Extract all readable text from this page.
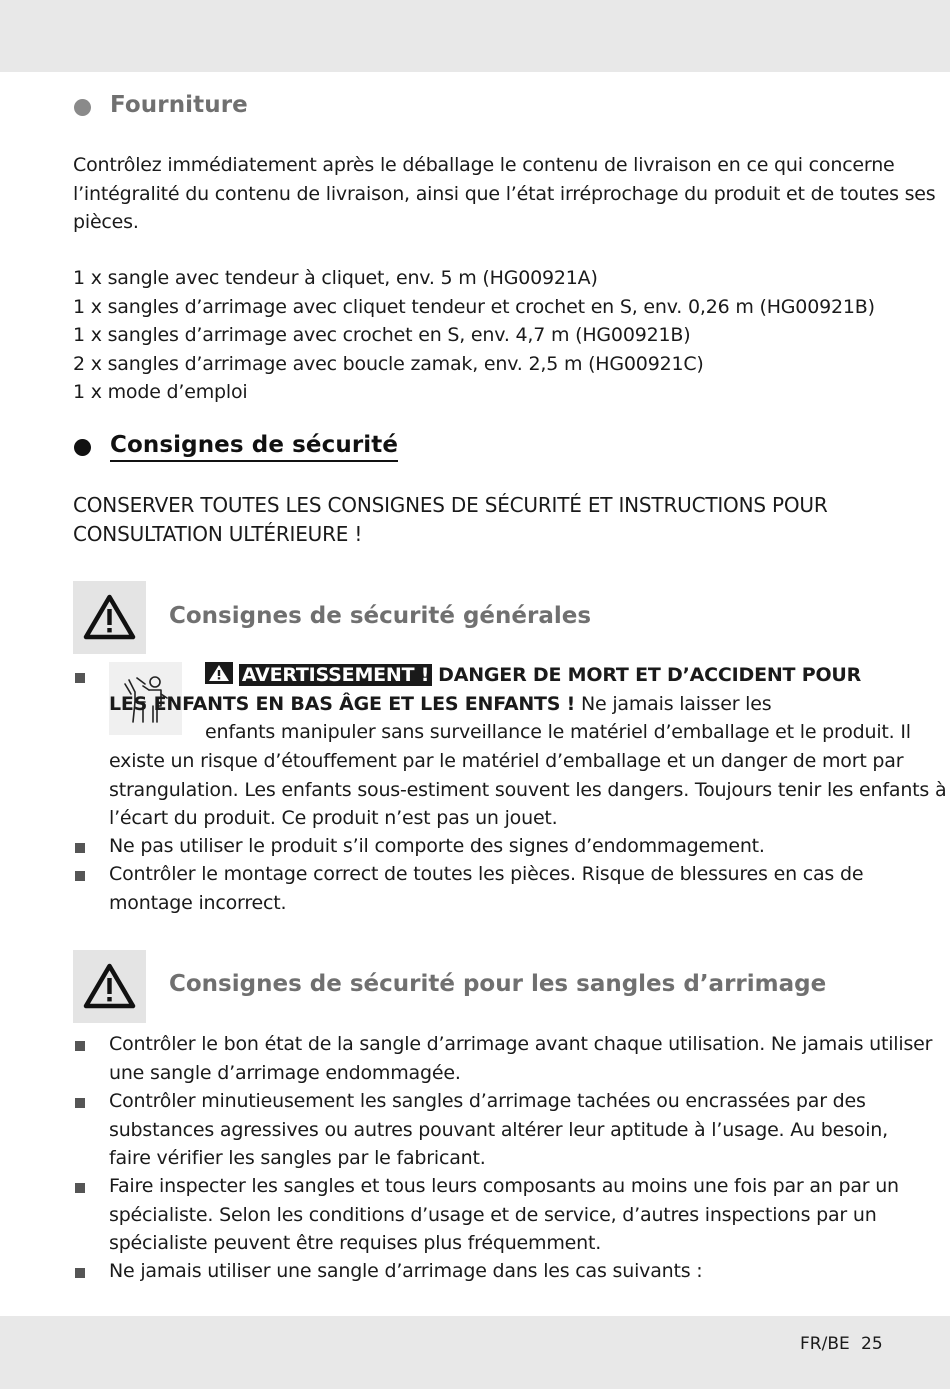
Fourniture
Contrôlez immédiatement après le déballage le contenu de livraison en ce qui concerne
l’intégralité du contenu de livraison, ainsi que l’état irréprochage du produit et de toutes ses
pièces.
1 x sangle avec tendeur à cliquet, env. 5 m (HG00921A)
1 x sangles d’arrimage avec cliquet tendeur et crochet en S, env. 0,26 m (HG00921B)
1 x sangles d’arrimage avec crochet en S, env. 4,7 m (HG00921B)
2 x sangles d’arrimage avec boucle zamak, env. 2,5 m (HG00921C)
1 x mode d’emploi
Consignes de sécurité
CONSERVER TOUTES LES CONSIGNES DE SÉCURITÉ ET INSTRUCTIONS POUR
CONSULTATION ULTÉRIEURE !
Consignes de sécurité générales
AVERTISSEMENT ! DANGER DE MORT ET D’ACCIDENT POUR
LES ENFANTS EN BAS ÂGE ET LES ENFANTS ! Ne jamais laisser les
enfants manipuler sans surveillance le matériel d’emballage et le produit. Il
existe un risque d’étouffement par le matériel d’emballage et un danger de mort par
strangulation. Les enfants sous-estiment souvent les dangers. Toujours tenir les enfants à
l’écart du produit. Ce produit n’est pas un jouet.
Ne pas utiliser le produit s’il comporte des signes d’endommagement.
Contrôler le montage correct de toutes les pièces. Risque de blessures en cas de
montage incorrect.
Consignes de sécurité pour les sangles d’arrimage
Contrôler le bon état de la sangle d’arrimage avant chaque utilisation. Ne jamais utiliser
une sangle d’arrimage endommagée.
Contrôler minutieusement les sangles d’arrimage tachées ou encrassées par des
substances agressives ou autres pouvant altérer leur aptitude à l’usage. Au besoin,
faire vérifier les sangles par le fabricant.
Faire inspecter les sangles et tous leurs composants au moins une fois par an par un
spécialiste. Selon les conditions d’usage et de service, d’autres inspections par un
spécialiste peuvent être requises plus fréquemment.
Ne jamais utiliser une sangle d’arrimage dans les cas suivants :
FR/BE 25
